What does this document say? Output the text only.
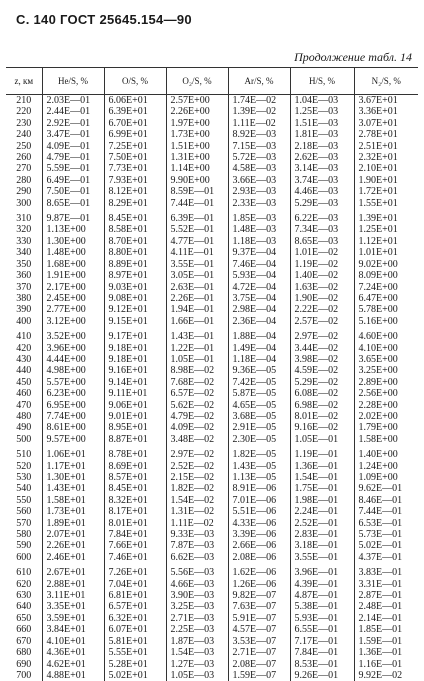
С. 140 ГОСТ 25645.154—90
Продолжение табл. 14
z, км	He/S, %	O/S, %	O₂/S, %	Ar/S, %	H/S, %	N₂/S, %
210	2.03E—01	6.06E+01	2.57E+00	1.74E—02	1.04E—03	3.67E+01
220	2.44E—01	6.39E+01	2.26E+00	1.39E—02	1.25E—03	3.36E+01
230	2.92E—01	6.70E+01	1.97E+00	1.11E—02	1.51E—03	3.07E+01
240	3.47E—01	6.99E+01	1.73E+00	8.92E—03	1.81E—03	2.78E+01
250	4.09E—01	7.25E+01	1.51E+00	7.15E—03	2.18E—03	2.51E+01
260	4.79E—01	7.50E+01	1.31E+00	5.72E—03	2.62E—03	2.32E+01
270	5.59E—01	7.73E+01	1.14E+00	4.58E—03	3.14E—03	2.10E+01
280	6.49E—01	7.93E+01	9.90E+00	3.66E—03	3.74E—03	1.90E+01
290	7.50E—01	8.12E+01	8.59E—01	2.93E—03	4.46E—03	1.72E+01
300	8.65E—01	8.29E+01	7.44E—01	2.33E—03	5.29E—03	1.55E+01
310	9.87E—01	8.45E+01	6.39E—01	1.85E—03	6.22E—03	1.39E+01
320	1.13E+00	8.58E+01	5.52E—01	1.48E—03	7.34E—03	1.25E+01
330	1.30E+00	8.70E+01	4.77E—01	1.18E—03	8.65E—03	1.12E+01
340	1.48E+00	8.80E+01	4.11E—01	9.37E—04	1.01E—02	1.01E+01
350	1.68E+00	8.89E+01	3.55E—01	7.46E—04	1.19E—02	9.02E+00
360	1.91E+00	8.97E+01	3.05E—01	5.93E—04	1.40E—02	8.09E+00
370	2.17E+00	9.03E+01	2.63E—01	4.72E—04	1.63E—02	7.24E+00
380	2.45E+00	9.08E+01	2.26E—01	3.75E—04	1.90E—02	6.47E+00
390	2.77E+00	9.12E+01	1.94E—01	2.98E—04	2.22E—02	5.78E+00
400	3.12E+00	9.15E+01	1.66E—01	2.36E—04	2.57E—02	5.16E+00
410	3.52E+00	9.17E+01	1.43E—01	1.88E—04	2.97E—02	4.60E+00
420	3.96E+00	9.18E+01	1.22E—01	1.49E—04	3.44E—02	4.10E+00
430	4.44E+00	9.18E+01	1.05E—01	1.18E—04	3.98E—02	3.65E+00
440	4.98E+00	9.16E+01	8.98E—02	9.36E—05	4.59E—02	3.25E+00
450	5.57E+00	9.14E+01	7.68E—02	7.42E—05	5.29E—02	2.89E+00
460	6.23E+00	9.11E+01	6.57E—02	5.87E—05	6.08E—02	2.56E+00
470	6.95E+00	9.06E+01	5.62E—02	4.65E—05	6.98E—02	2.28E+00
480	7.74E+00	9.01E+01	4.79E—02	3.68E—05	8.01E—02	2.02E+00
490	8.61E+00	8.95E+01	4.09E—02	2.91E—05	9.16E—02	1.79E+00
500	9.57E+00	8.87E+01	3.48E—02	2.30E—05	1.05E—01	1.58E+00
510	1.06E+01	8.78E+01	2.97E—02	1.82E—05	1.19E—01	1.40E+00
520	1.17E+01	8.69E+01	2.52E—02	1.43E—05	1.36E—01	1.24E+00
530	1.30E+01	8.57E+01	2.15E—02	1.13E—05	1.54E—01	1.09E+00
540	1.43E+01	8.45E+01	1.82E—02	8.91E—06	1.75E—01	9.62E—01
550	1.58E+01	8.32E+01	1.54E—02	7.01E—06	1.98E—01	8.46E—01
560	1.73E+01	8.17E+01	1.31E—02	5.51E—06	2.24E—01	7.44E—01
570	1.89E+01	8.01E+01	1.11E—02	4.33E—06	2.52E—01	6.53E—01
580	2.07E+01	7.84E+01	9.33E—03	3.39E—06	2.83E—01	5.73E—01
590	2.26E+01	7.66E+01	7.87E—03	2.66E—06	3.18E—01	5.02E—01
600	2.46E+01	7.46E+01	6.62E—03	2.08E—06	3.55E—01	4.37E—01
610	2.67E+01	7.26E+01	5.56E—03	1.62E—06	3.96E—01	3.83E—01
620	2.88E+01	7.04E+01	4.66E—03	1.26E—06	4.39E—01	3.31E—01
630	3.11E+01	6.81E+01	3.90E—03	9.82E—07	4.87E—01	2.87E—01
640	3.35E+01	6.57E+01	3.25E—03	7.63E—07	5.38E—01	2.48E—01
650	3.59E+01	6.32E+01	2.71E—03	5.91E—07	5.93E—01	2.14E—01
660	3.84E+01	6.07E+01	2.25E—03	4.57E—07	6.55E—01	1.85E—01
670	4.10E+01	5.81E+01	1.87E—03	3.53E—07	7.17E—01	1.59E—01
680	4.36E+01	5.55E+01	1.54E—03	2.71E—07	7.84E—01	1.36E—01
690	4.62E+01	5.28E+01	1.27E—03	2.08E—07	8.53E—01	1.16E—01
700	4.88E+01	5.02E+01	1.05E—03	1.59E—07	9.26E—01	9.92E—02
